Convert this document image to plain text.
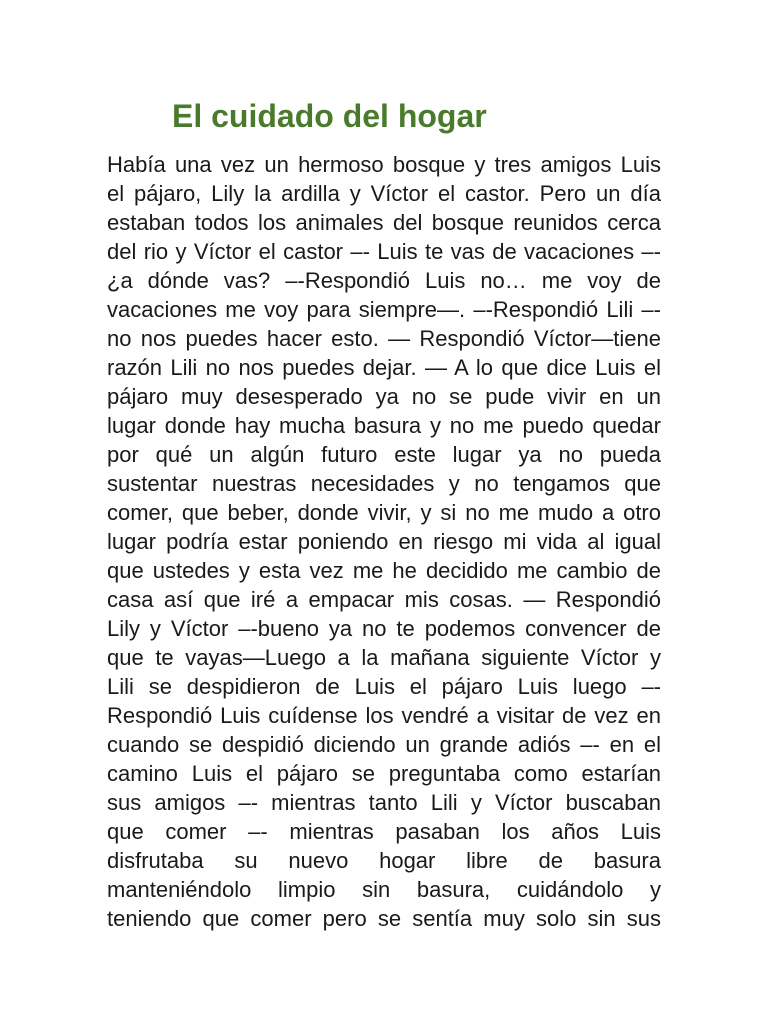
El cuidado del hogar
Había una vez un hermoso bosque y tres amigos Luis
el pájaro, Lily la ardilla y Víctor el castor. Pero un día
estaban todos los animales del bosque reunidos cerca
del rio y Víctor el castor –- Luis te vas de vacaciones –-
¿a dónde vas? –-Respondió Luis no… me voy de
vacaciones me voy para siempre—. –-Respondió Lili –-
no nos puedes hacer esto. — Respondió Víctor—tiene
razón Lili no nos puedes dejar. — A lo que dice Luis el
pájaro muy desesperado ya no se pude vivir en un
lugar donde hay mucha basura y no me puedo quedar
por qué un algún futuro este lugar ya no pueda
sustentar nuestras necesidades y no tengamos que
comer, que beber, donde vivir, y si no me mudo a otro
lugar podría estar poniendo en riesgo mi vida al igual
que ustedes y esta vez me he decidido me cambio de
casa así que iré a empacar mis cosas. — Respondió
Lily y Víctor –-bueno ya no te podemos convencer de
que te vayas—Luego a la mañana siguiente Víctor y
Lili se despidieron de Luis el pájaro Luis luego –-
Respondió Luis cuídense los vendré a visitar de vez en
cuando se despidió diciendo un grande adiós –- en el
camino Luis el pájaro se preguntaba como estarían
sus amigos –- mientras tanto Lili y Víctor buscaban
que comer –- mientras pasaban los años Luis
disfrutaba su nuevo hogar libre de basura
manteniéndolo limpio sin basura, cuidándolo y
teniendo que comer pero se sentía muy solo sin sus
